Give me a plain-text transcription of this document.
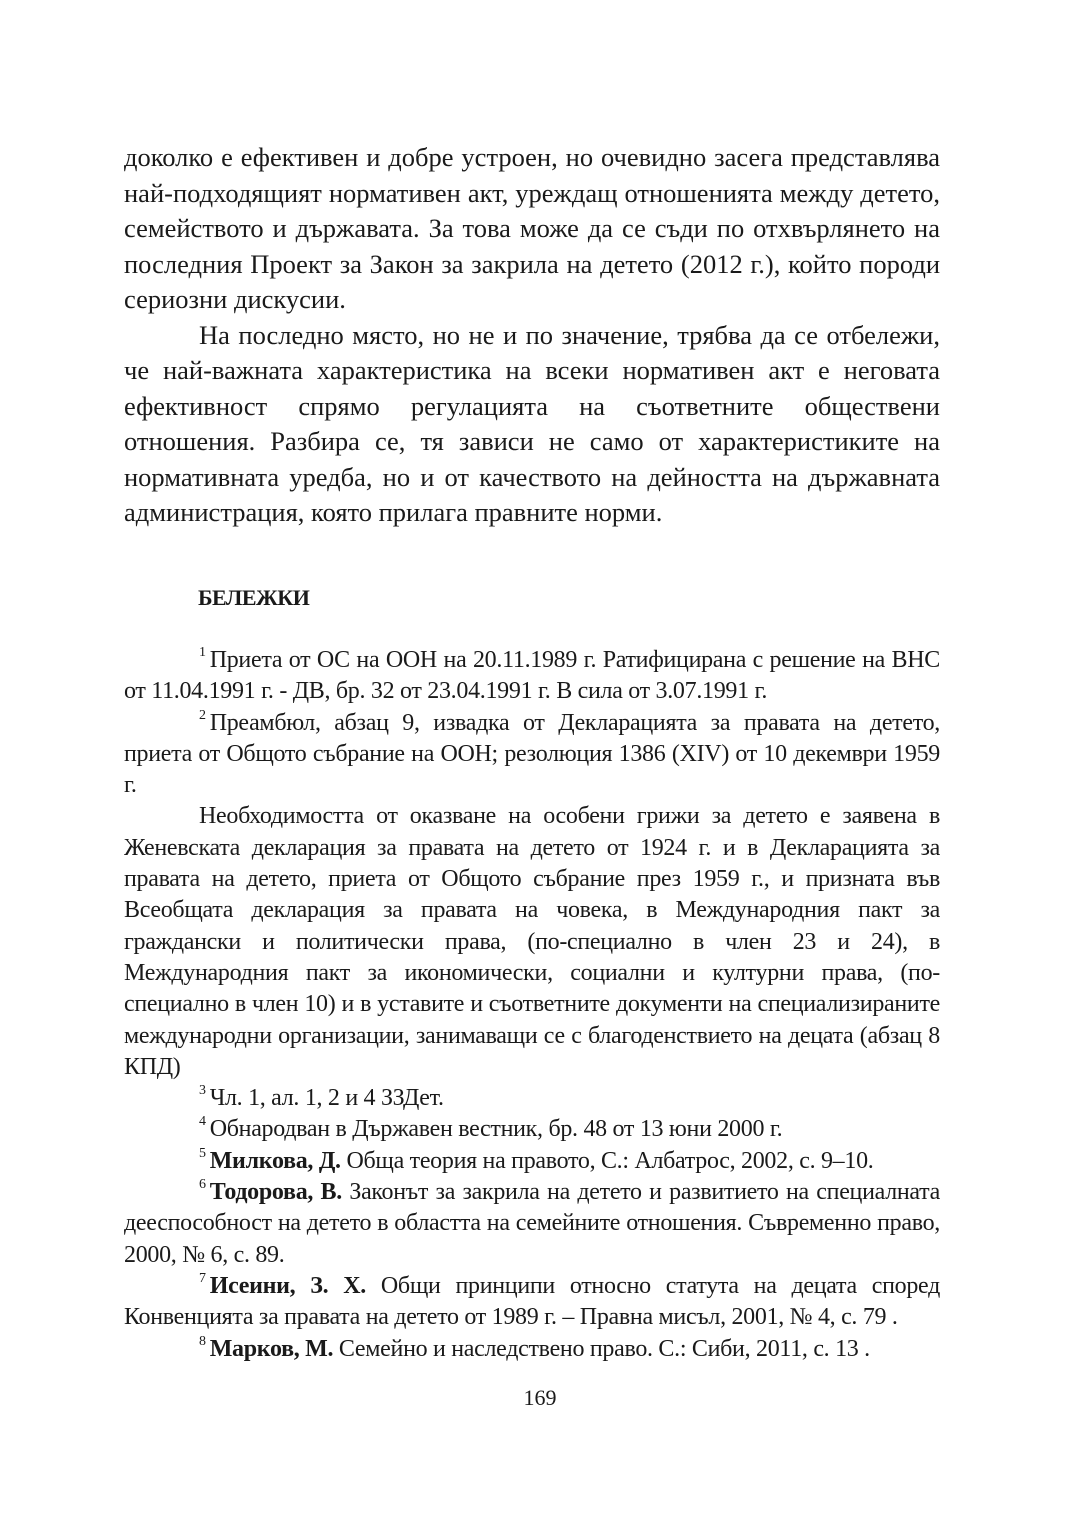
доколко е ефективен и добре устроен, но очевидно засега представлява най-подходящият нормативен акт, уреждащ отношенията между детето, семейството и държавата. За това може да се съди по отхвърлянето на последния Проект за Закон за закрила на детето (2012 г.), който породи сериозни дискусии.

На последно място, но не и по значение, трябва да се отбележи, че най-важната характеристика на всеки нормативен акт е неговата ефективност спрямо регулацията на съответните обществени отношения. Разбира се, тя зависи не само от характеристиките на нормативната уредба, но и от качеството на дейността на държавната администрация, която прилага правните норми.

БЕЛЕЖКИ

$^1$ Приета от ОС на ООН на 20.11.1989 г. Ратифицирана с решение на ВНС от 11.04.1991 г. - ДВ, бр. 32 от 23.04.1991 г. В сила от 3.07.1991 г.

$^2$ Преамбюл, абзац 9, извадка от Декларацията за правата на детето, приета от Общото събрание на ООН; резолюция 1386 (XIV) от 10 декември 1959 г.

Необходимостта от оказване на особени грижи за детето е заявена в Женевската декларация за правата на детето от 1924 г. и в Декларацията за правата на детето, приета от Общото събрание през 1959 г., и призната във Всеобщата декларация за правата на човека, в Международния пакт за граждански и политически права, (по-специално в член 23 и 24), в Международния пакт за икономически, социални и културни права, (по-специално в член 10) и в уставите и съответните документи на специализираните международни организации, занимаващи се с благоденствието на децата (абзац 8 КПД)

$^3$ Чл. 1, ал. 1, 2 и 4 ЗЗДет.

$^4$ Обнародван в Държавен вестник, бр. 48 от 13 юни 2000 г.

$^5$ Милкова, Д. Обща теория на правото, С.: Албатрос, 2002, с. 9–10.

$^6$ Тодорова, В. Законът за закрила на детето и развитието на специалната дееспособност на детето в областта на семейните отношения. Съвременно право, 2000, № 6, с. 89.

$^7$ Исеини, З. Х. Общи принципи относно статута на децата според Конвенцията за правата на детето от 1989 г. – Правна мисъл, 2001, № 4, с. 79 .

$^8$ Марков, М. Семейно и наследствено право. С.: Сиби, 2011, с. 13 .

169
